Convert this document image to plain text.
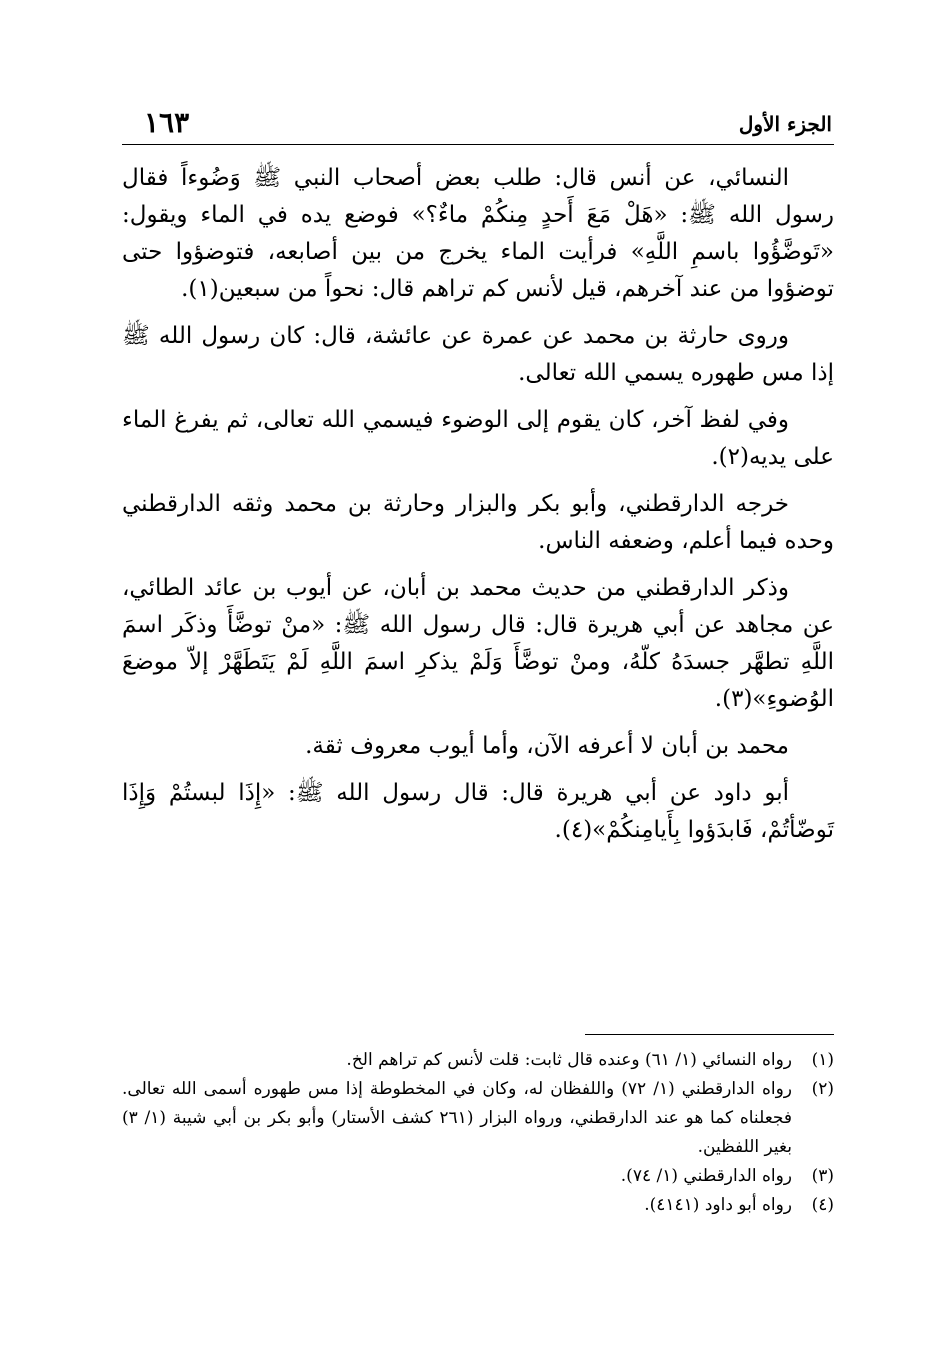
الجزء الأول
١٦٣

النسائي، عن أنس قال: طلب بعض أصحاب النبي ﷺ وَضُوءاً فقال رسول الله ﷺ: «هَلْ مَعَ أَحدٍ مِنكُمْ ماءٌ؟» فوضع يده في الماء ويقول: «تَوضَّؤُوا باسمِ اللَّهِ» فرأيت الماء يخرج من بين أصابعه، فتوضؤوا حتى توضؤوا من عند آخرهم، قيل لأنس كم تراهم قال: نحواً من سبعين(١).

وروى حارثة بن محمد عن عمرة عن عائشة، قال: كان رسول الله ﷺ إذا مس طهوره يسمي الله تعالى.

وفي لفظ آخر، كان يقوم إلى الوضوء فيسمي الله تعالى، ثم يفرغ الماء على يديه(٢).

خرجه الدارقطني، وأبو بكر والبزار وحارثة بن محمد وثقه الدارقطني وحده فيما أعلم، وضعفه الناس.

وذكر الدارقطني من حديث محمد بن أبان، عن أيوب بن عائد الطائي، عن مجاهد عن أبي هريرة قال: قال رسول الله ﷺ: «منْ توضَّأَ وذكَر اسمَ اللَّهِ تطهَّر جسدَهُ كلّهُ، ومنْ توضَّأَ وَلَمْ يذكرِ اسمَ اللَّهِ لَمْ يَتَطَهَّرْ إلاّ موضعَ الوُضوءِ»(٣).

محمد بن أبان لا أعرفه الآن، وأما أيوب معروف ثقة.

أبو داود عن أبي هريرة قال: قال رسول الله ﷺ: «إِذَا لبستُمْ وَإِذَا تَوضّأتُمْ، فَابدَؤوا بِأَيامِنكُمْ»(٤).

(١)
رواه النسائي (١/ ٦١) وعنده قال ثابت: قلت لأنس كم تراهم الخ.

(٢)
رواه الدارقطني (١/ ٧٢) واللفظان له، وكان في المخطوطة إذا مس طهوره أسمى الله تعالى. فجعلناه كما هو عند الدارقطني، ورواه البزار (٢٦١ كشف الأستار) وأبو بكر بن أبي شيبة (١/ ٣) بغير اللفظين.

(٣)
رواه الدارقطني (١/ ٧٤).

(٤)
رواه أبو داود (٤١٤١).
